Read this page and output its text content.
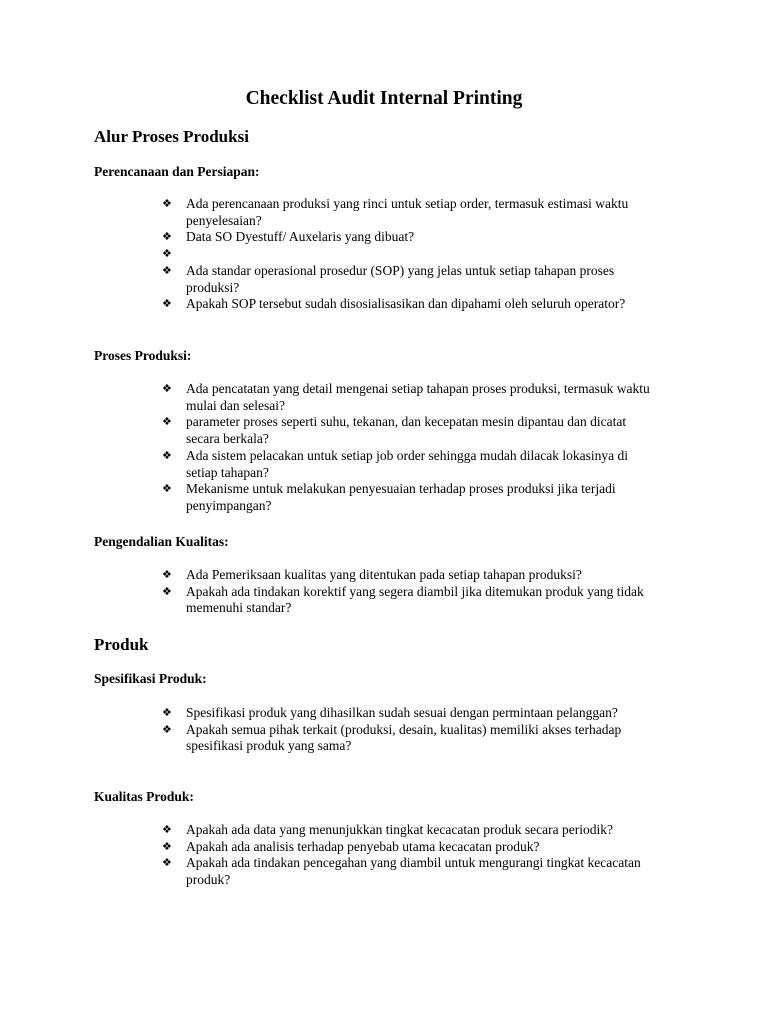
Checklist Audit Internal Printing
Alur Proses Produksi
Perencanaan dan Persiapan:
❖ Ada perencanaan produksi yang rinci untuk setiap order, termasuk estimasi waktu penyelesaian?
❖ Data SO Dyestuff/ Auxelaris yang dibuat?
❖
❖ Ada standar operasional prosedur (SOP) yang jelas untuk setiap tahapan proses produksi?
❖ Apakah SOP tersebut sudah disosialisasikan dan dipahami oleh seluruh operator?
Proses Produksi:
❖ Ada pencatatan yang detail mengenai setiap tahapan proses produksi, termasuk waktu mulai dan selesai?
❖ parameter proses seperti suhu, tekanan, dan kecepatan mesin dipantau dan dicatat secara berkala?
❖ Ada sistem pelacakan untuk setiap job order sehingga mudah dilacak lokasinya di setiap tahapan?
❖ Mekanisme untuk melakukan penyesuaian terhadap proses produksi jika terjadi penyimpangan?
Pengendalian Kualitas:
❖ Ada Pemeriksaan kualitas yang ditentukan pada setiap tahapan produksi?
❖ Apakah ada tindakan korektif yang segera diambil jika ditemukan produk yang tidak memenuhi standar?
Produk
Spesifikasi Produk:
❖ Spesifikasi produk yang dihasilkan sudah sesuai dengan permintaan pelanggan?
❖ Apakah semua pihak terkait (produksi, desain, kualitas) memiliki akses terhadap spesifikasi produk yang sama?
Kualitas Produk:
❖ Apakah ada data yang menunjukkan tingkat kecacatan produk secara periodik?
❖ Apakah ada analisis terhadap penyebab utama kecacatan produk?
❖ Apakah ada tindakan pencegahan yang diambil untuk mengurangi tingkat kecacatan produk?
